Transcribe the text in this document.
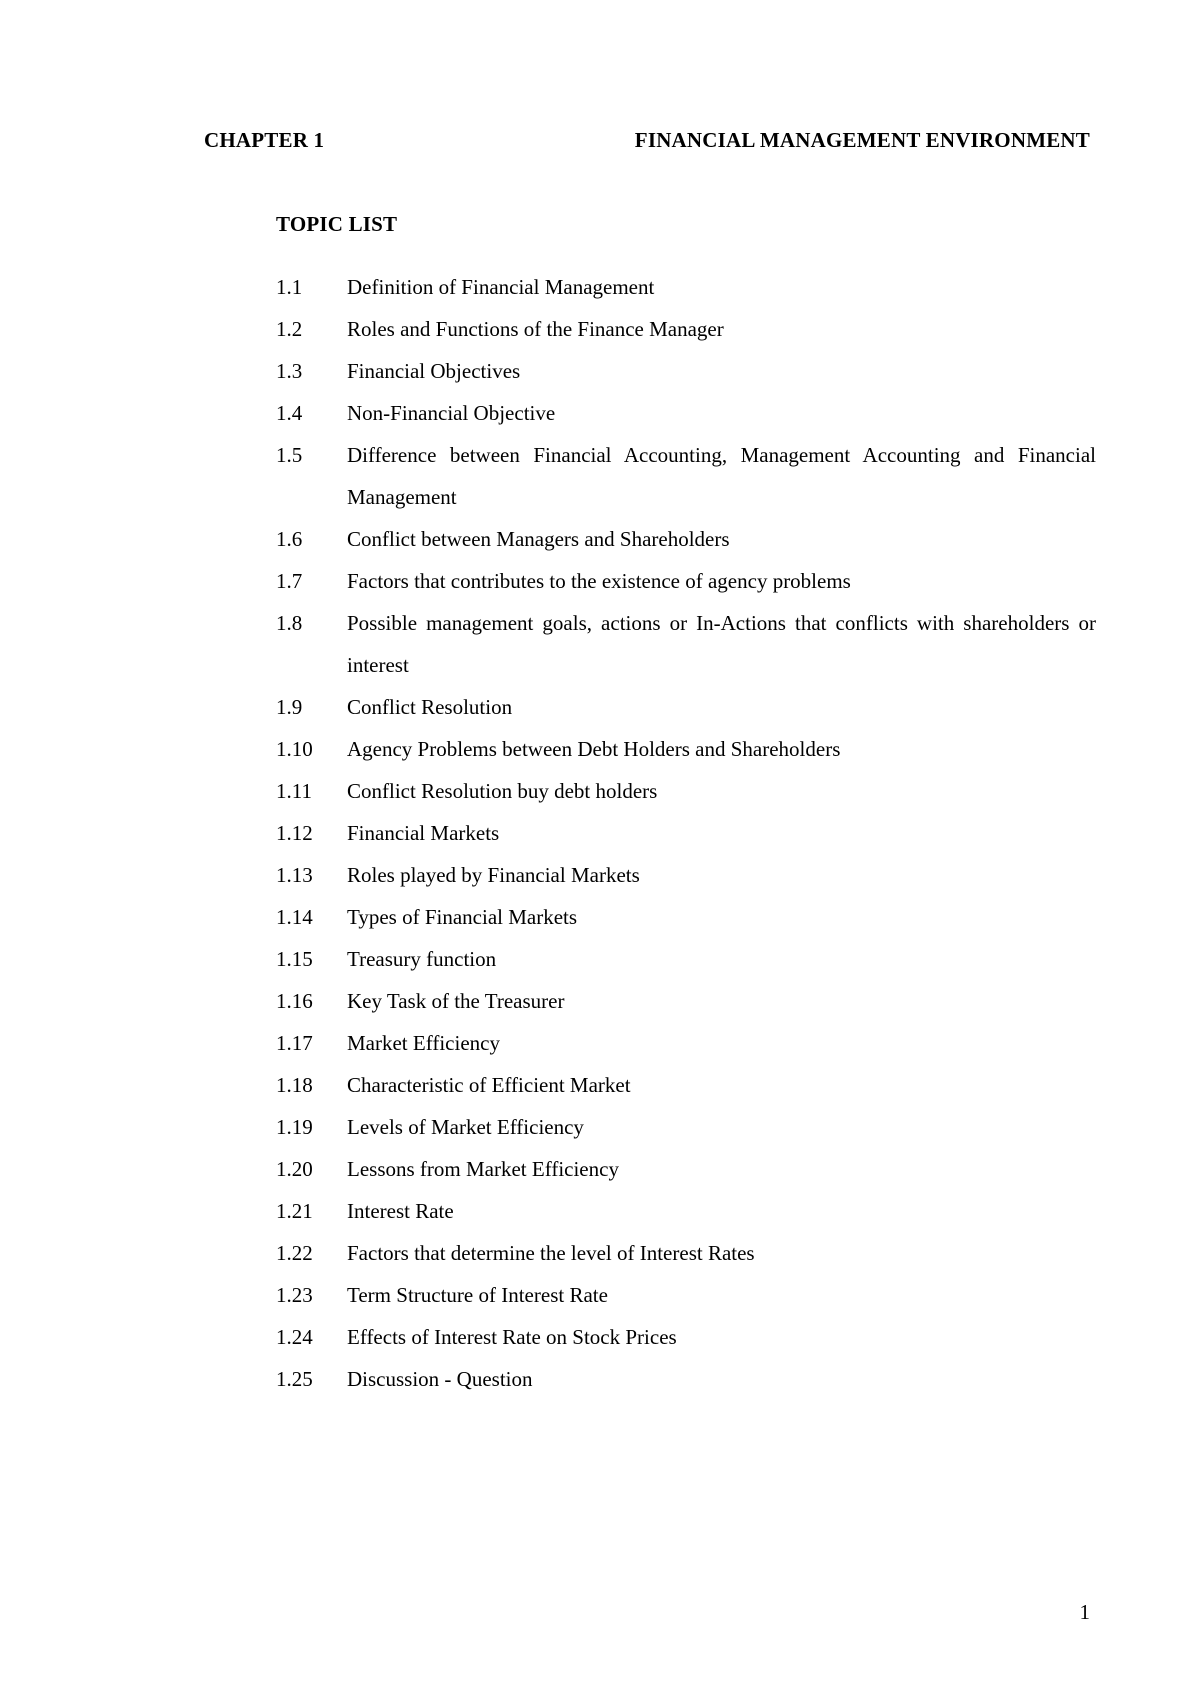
CHAPTER 1	FINANCIAL MANAGEMENT ENVIRONMENT
TOPIC LIST
1.1	Definition of Financial Management
1.2	Roles and Functions of the Finance Manager
1.3	Financial Objectives
1.4	Non-Financial Objective
1.5	Difference between Financial Accounting, Management Accounting and Financial Management
1.6	Conflict between Managers and Shareholders
1.7	Factors that contributes to the existence of agency problems
1.8	Possible management goals, actions or In-Actions that conflicts with shareholders or interest
1.9	Conflict Resolution
1.10	Agency Problems between Debt Holders and Shareholders
1.11	Conflict Resolution buy debt holders
1.12	Financial Markets
1.13	Roles played by Financial Markets
1.14	Types of Financial Markets
1.15	Treasury function
1.16	Key Task of the Treasurer
1.17	Market Efficiency
1.18	Characteristic of Efficient Market
1.19	Levels of Market Efficiency
1.20	Lessons from Market Efficiency
1.21	Interest Rate
1.22	Factors that determine the level of Interest Rates
1.23	Term Structure of Interest Rate
1.24	Effects of Interest Rate on Stock Prices
1.25	Discussion - Question
1
